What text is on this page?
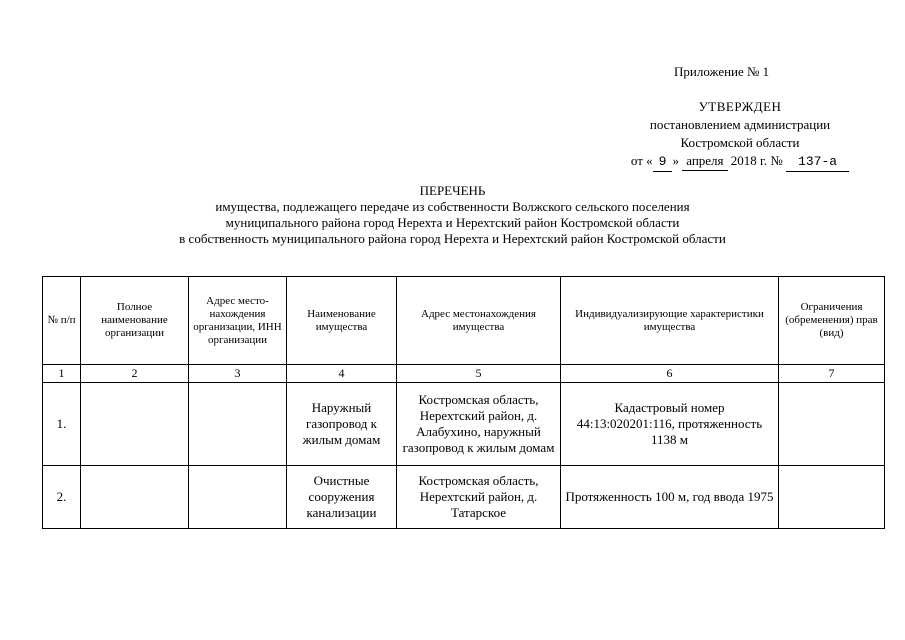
Приложение № 1
УТВЕРЖДЕН
постановлением администрации
Костромской области
от « 9 » апреля 2018 г. № 137-а
ПЕРЕЧЕНЬ
имущества, подлежащего передаче из собственности Волжского сельского поселения
муниципального района город Нерехта и Нерехтский район Костромской области
в собственность муниципального района город Нерехта и Нерехтский район Костромской области
№ п/п	Полное наименование организации	Адрес место-нахождения организации, ИНН организации	Наименование имущества	Адрес местонахождения имущества	Индивидуализирующие характеристики имущества	Ограничения (обременения) прав (вид)
1	2	3	4	5	6	7
1.			Наружный газопровод к жилым домам	Костромская область, Нерехтский район, д. Алабухино, наружный газопровод к жилым домам	Кадастровый номер 44:13:020201:116, протяженность 1138 м	
2.			Очистные сооружения канализации	Костромская область, Нерехтский район, д. Татарское	Протяженность 100 м, год ввода 1975	
